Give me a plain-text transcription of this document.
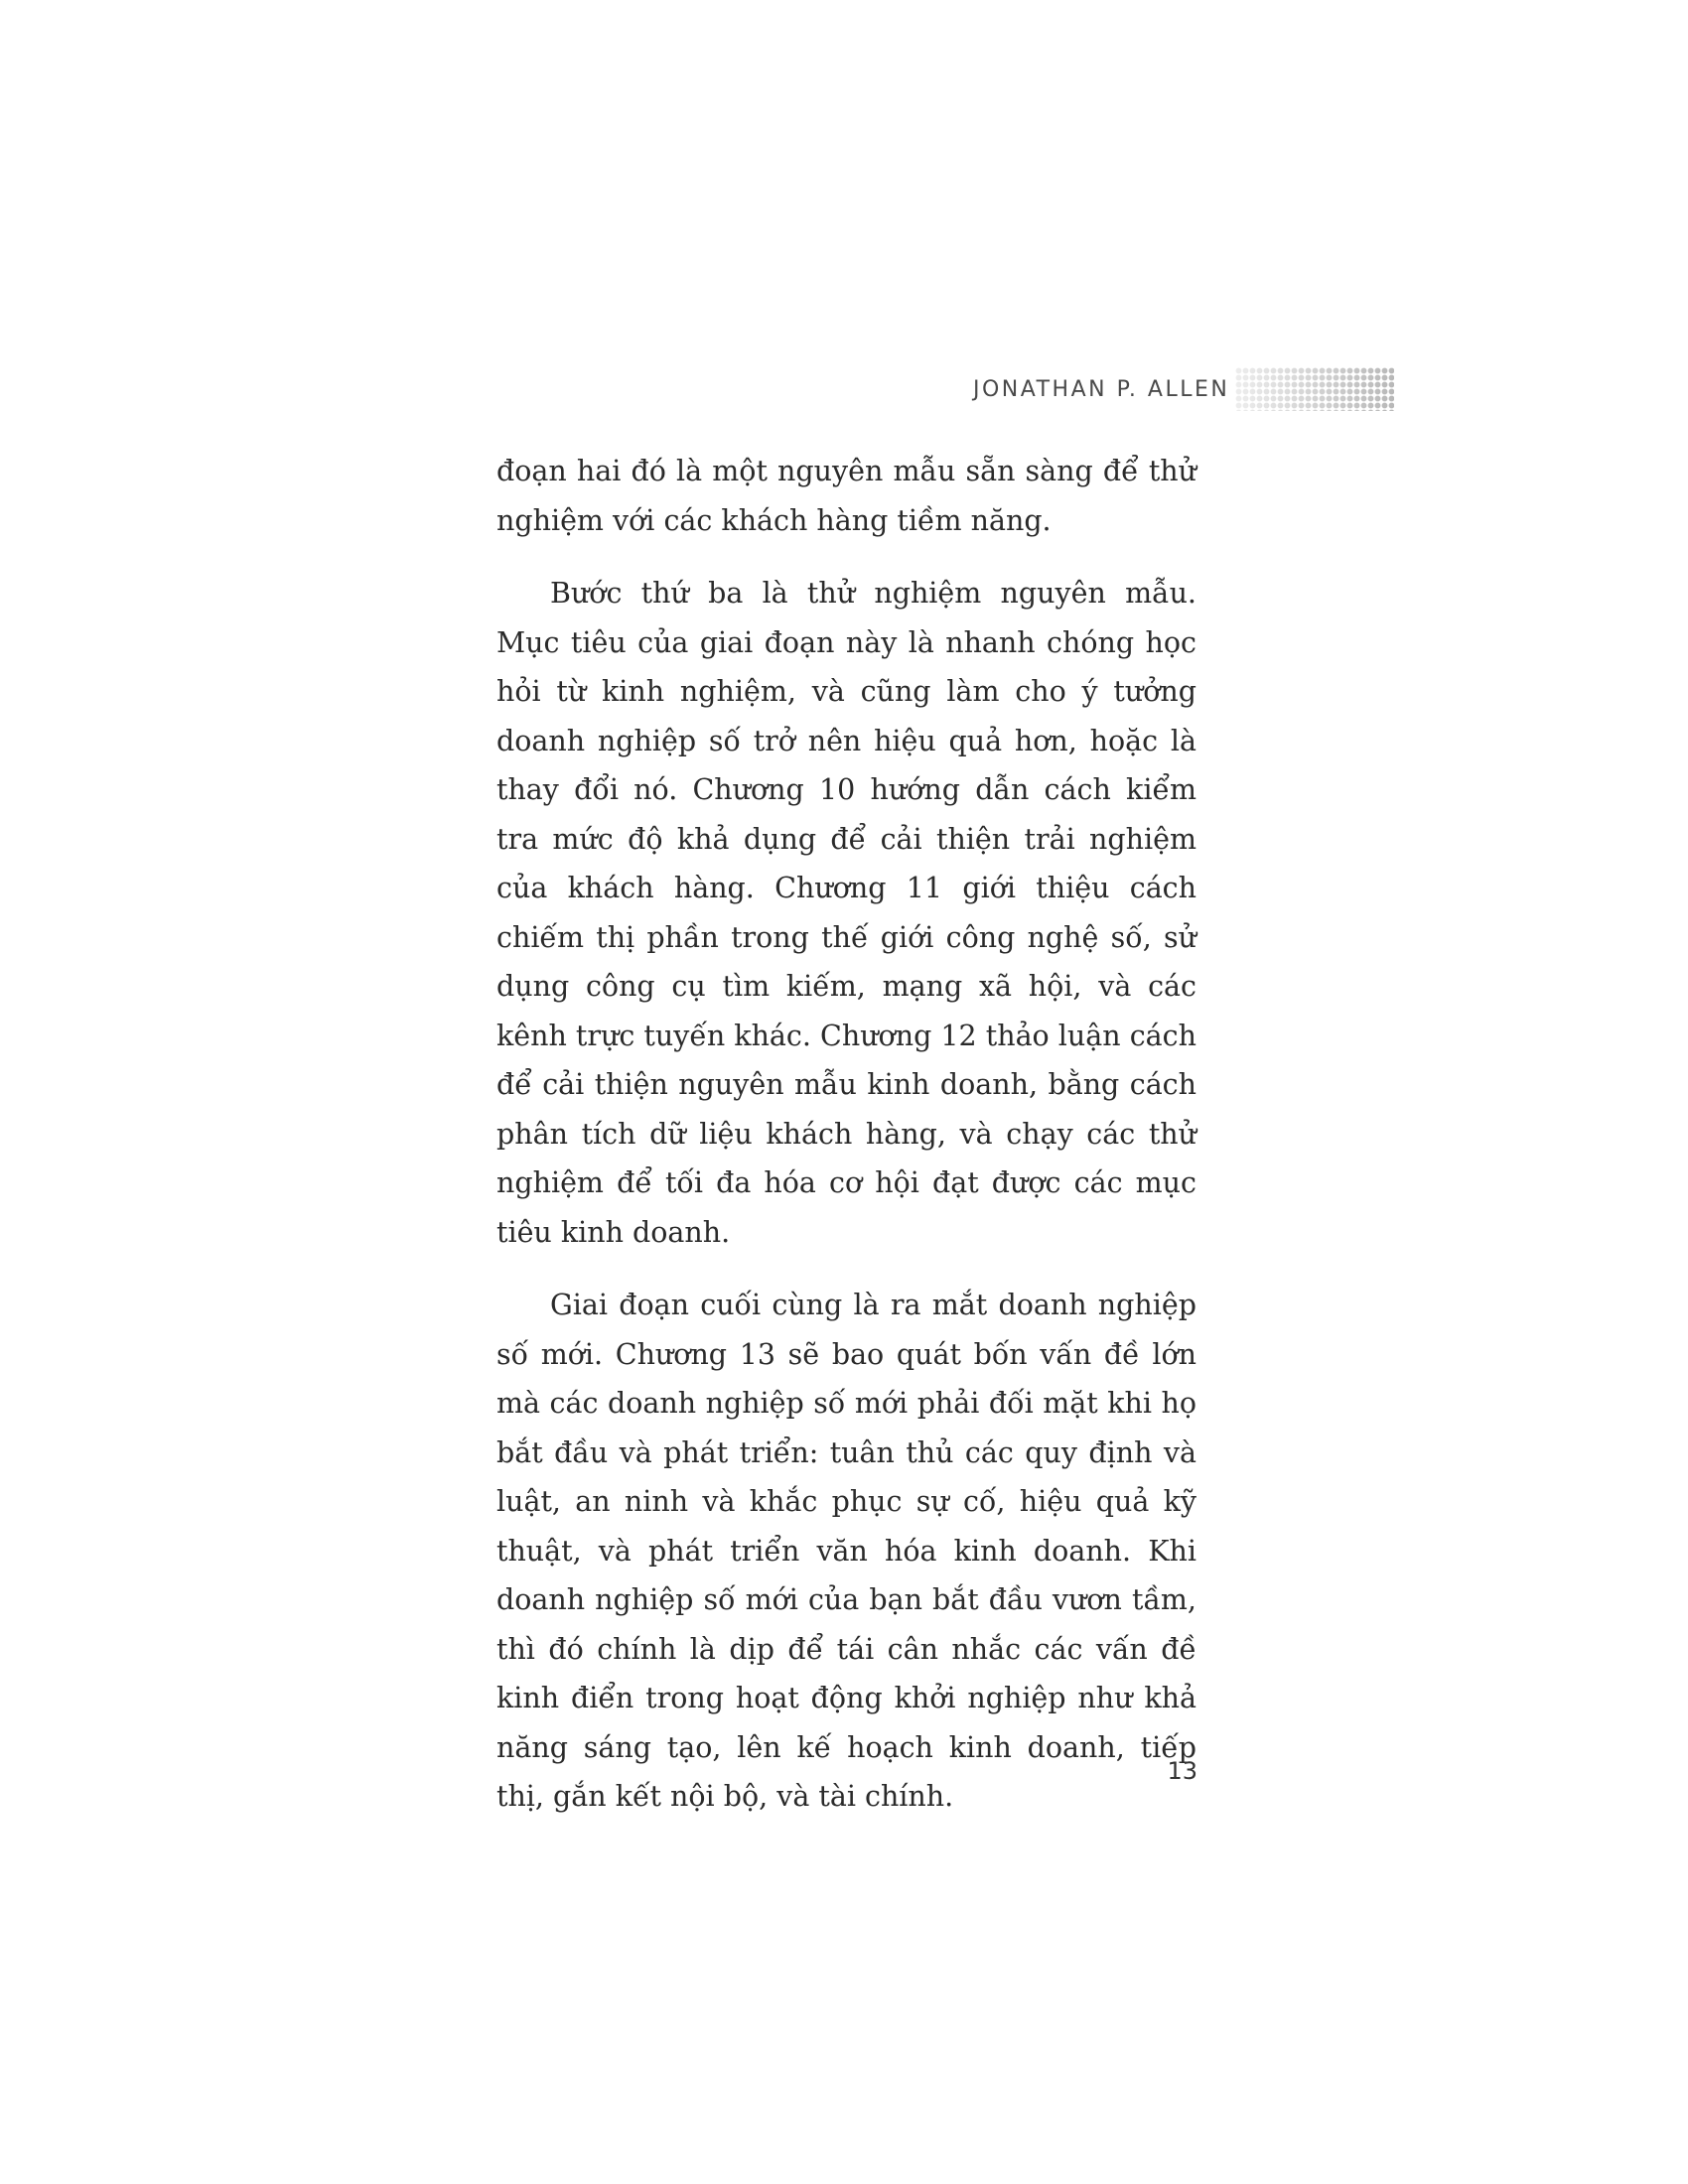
JONATHAN P. ALLEN

đoạn hai đó là một nguyên mẫu sẵn sàng để thử nghiệm với các khách hàng tiềm năng.

Bước thứ ba là thử nghiệm nguyên mẫu. Mục tiêu của giai đoạn này là nhanh chóng học hỏi từ kinh nghiệm, và cũng làm cho ý tưởng doanh nghiệp số trở nên hiệu quả hơn, hoặc là thay đổi nó. Chương 10 hướng dẫn cách kiểm tra mức độ khả dụng để cải thiện trải nghiệm của khách hàng. Chương 11 giới thiệu cách chiếm thị phần trong thế giới công nghệ số, sử dụng công cụ tìm kiếm, mạng xã hội, và các kênh trực tuyến khác. Chương 12 thảo luận cách để cải thiện nguyên mẫu kinh doanh, bằng cách phân tích dữ liệu khách hàng, và chạy các thử nghiệm để tối đa hóa cơ hội đạt được các mục tiêu kinh doanh.

Giai đoạn cuối cùng là ra mắt doanh nghiệp số mới. Chương 13 sẽ bao quát bốn vấn đề lớn mà các doanh nghiệp số mới phải đối mặt khi họ bắt đầu và phát triển: tuân thủ các quy định và luật, an ninh và khắc phục sự cố, hiệu quả kỹ thuật, và phát triển văn hóa kinh doanh. Khi doanh nghiệp số mới của bạn bắt đầu vươn tầm, thì đó chính là dịp để tái cân nhắc các vấn đề kinh điển trong hoạt động khởi nghiệp như khả năng sáng tạo, lên kế hoạch kinh doanh, tiếp thị, gắn kết nội bộ, và tài chính.

13
